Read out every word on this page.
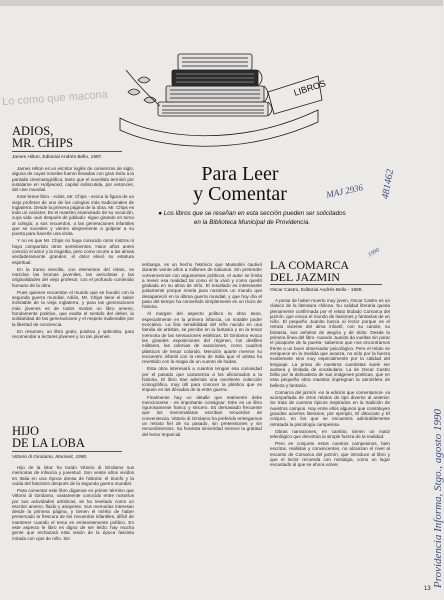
Lo como que macona
LIBROS
MAJ 2936 481462
1990
Providencia Informa, Stgo., agosto 1990
ADIOS,
MR. CHIPS
James Hilton, Editorial Andrés Bello, 1987.

James Hilton es un escritor inglés de comienzos de siglo, alguna de cuyas novelas fueron llevadas con gran éxito a la pantalla cinematográfica; tanto que el novelista terminó por instalarse en Hollywood, capital indiscutida, por entonces, del cine mundial.

Este breve libro - Adiós, Mr. Chips - evoca la figura de un viejo profesor de uno de los colegios más tradicionales de Inglaterra. Desde la primera página de la obra, Mr. Chips es todo un carácter. Es el maestro enamorado de su vocación, cuya vida -aun después de jubilado- sigue girando en torno al colegio, a sus recuerdos, a las generaciones infantiles que se suceden y vienen alegremente a golpear a su puerta para hacerle una visita.

Y no es que Mr. Chips no haya conocido otros rostros ni haya compartido otros sentimientos. Hace años antes conoció el amor y la tragedia, pero como ocurre a las almas verdaderamente grandes, el dolor elevó su estatura espiritual.

En la trama sencilla, con elementos del relato, se mezclan las bromas juveniles, las anécdotas y las originalidades del viejo profesor, con el profundo contenido humano de la obra.

Pues quienes recuerdan el mundo que se hundió con la segunda guerra mundial, Adiós, Mr. Chips tiene el sabor inimitable de la vieja Inglaterra, y para las generaciones más jóvenes es de todos modos un libro ameno, hondamente positivo, que exalta el sentido del deber, la solidaridad de las generaciones y el respeto inalienable por la libertad de conciencia.

En resumen, un libro grato, positivo y optimista, para recomendar a lectores jóvenes y no tan jóvenes.

HIJO
DE LA LOBA
Vittorio di Girolamo, Marinett, 1990.

Hijo de la loba' ha traído Vittorio di Girolamo sus memorias de infancia y juventud. Son veinte años vividos en Italia en una época densa de historia: el triunfo y la caída del fascismo después de la segunda guerra mundial.

Para comentar este libro digamos en primer término que Vittorio di Girolamo, vastamente conocido entre nosotros por sus actividades artísticas, se ha revelado como un escritor ameno, fluido y atrayente. Sus memorias interesan desde la primera página, y tienen el mérito de haber preservado la frescura de los recuerdos infantiles, difícil de mantener cuando el tema es eminentemente político. En este aspecto le libro es digno de ser leído; hay mucha gente que rechazará esta visión de la época fascista mirada con ojos de niño. Sin

Para Leer
y Comentar
● Los libros que se reseñan en esta sección pueden ser solicitados en la Biblioteca Municipal de Providencia.

embargo, es un hecho histórico que Mussolini cautivó durante veinte años a millones de italianos. Sin pretender convencernos con argumentos políticos, el autor se limita a revivir esa realidad tal como él la vivió y como quedó grabada en su alma de niño. El resultado es interesante justamente porque revela para nosotros un mundo que desapareció en la última guerra mundial, y que hoy día el paso del tiempo ha convertido simplemente en un trozo de historia.

Al margen del aspecto político la obra tiene, especialmente en la primera infancia, un notable poder evocativo. La fina sensibilidad del niño nacido en una familia de artistas, se percibe en la fantasía y en la tenaz memoria de las sensaciones estéticas. Di Girolamo evoca las grandes exposiciones del régimen, los desfiles militares, las colonias de vacaciones, como cuadros plásticos de tenaz colorido. Mención aparte merece su encuentro infantil con la reina de Italia que el artista ha revestido con la magia de un cuento de hadas.

Esta obra interesará a cuantos tengan esa curiosidad por el pasado que caracteriza a los aficionados a la historia. El libro trae además una excelente colección iconográfica, muy útil para conocer la plástica que se impuso en las décadas de la entre guerra.

Finalmente hay un detalle que realmente debe mencionarse - es importante consignar: Este es un libro rigurosamente franco y sincero. Es demasiado frecuente que los memorialistas escriban recuerdos de conveniencia. Vittorio di Girolamo ha preferido entregarnos un retrato fiel de su pasado, sin pretensiones y sin remordimientos. Su honesta sinceridad merece la gratitud del lector imparcial.

LA COMARCA
DEL JAZMIN
Oscar Castro, Editorial Andrés Bello - 1989.

A pesar de haber muerto muy joven, Oscar Castro es un clásico de la literatura chilena. Su calidad literaria queda plenamente confirmada por el relato titulado Comarca del jazmín, que evoca el mundo de ilusiones y fantasías de un niño. El pequeño Juanito busca al lector porque es el retrato viviente del alma infantil, con su candor, su fantasía, sus anhelos de alegría y de dolor. Desde la primera línea del libro -cuando Juanito da vueltas sin parar el picaporte de la puerta- sabemos que nos encontramos frente a un buen observador psicológico. Pero el relato se enriquece en la medida que avanza, no sólo por la fuerza exuberante sino muy especialmente por la calidad del lenguaje. La prosa de nuestros cuentistas suele ser austera y limitada de vocabulario. La de Oscar Castro brilla por la delicadeza de sus imágenes poéticas, que en esta pequeña obra maestra impregnan la atmósfera de belleza y fantasía.

Comarca del jazmín -en la edición que comentamos- va acompañada de otros relatos de tipo diverso al anterior. Se trata de cuentos típicos inspirados en la tradición de nuestros campos. Hay entre ellos algunos que constituyen grandes aciertos literarios, por ejemplo, El ditoccato y El conjuro, en los que se encuentra admirablemente retratada la psicología campesina.

Obras narraciones, en cambio, tienen un matiz teleológico que desvirtúa la simple fuerza de la realidad.

Pero en conjunto estos cuentos campesinos, bien escritos, realistas y convincentes, no alcanzan el nivel al encanto de Comarca del jazmín, que introduce al libro y que el lector recuerda con nostalgia, como un lugar encantado al que se ahora volver.

13
